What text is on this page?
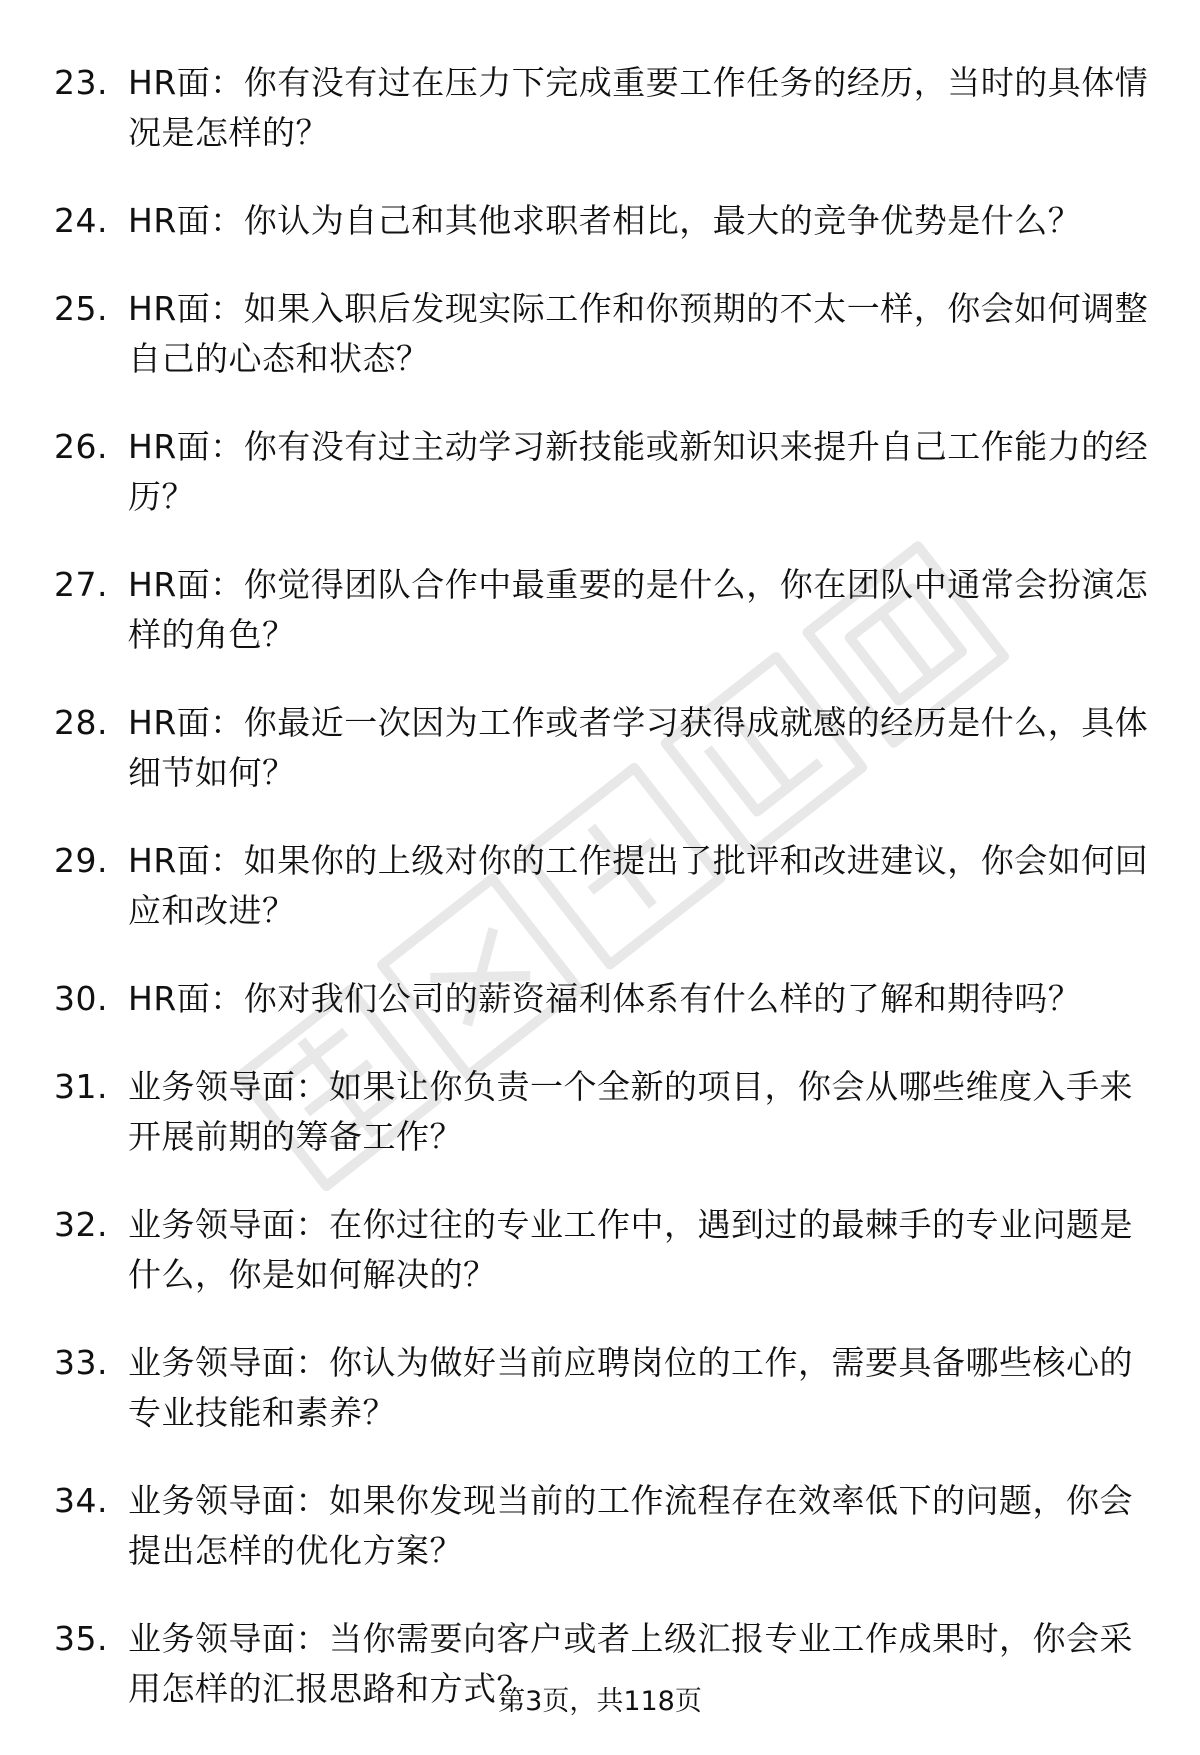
23. HR面：你有没有过在压力下完成重要工作任务的经历，当时的具体情况是怎样的？
24. HR面：你认为自己和其他求职者相比，最大的竞争优势是什么？
25. HR面：如果入职后发现实际工作和你预期的不太一样，你会如何调整自己的心态和状态？
26. HR面：你有没有过主动学习新技能或新知识来提升自己工作能力的经历？
27. HR面：你觉得团队合作中最重要的是什么，你在团队中通常会扮演怎样的角色？
28. HR面：你最近一次因为工作或者学习获得成就感的经历是什么，具体细节如何？
29. HR面：如果你的上级对你的工作提出了批评和改进建议，你会如何回应和改进？
30. HR面：你对我们公司的薪资福利体系有什么样的了解和期待吗？
31. 业务领导面：如果让你负责一个全新的项目，你会从哪些维度入手来开展前期的筹备工作？
32. 业务领导面：在你过往的专业工作中，遇到过的最棘手的专业问题是什么，你是如何解决的？
33. 业务领导面：你认为做好当前应聘岗位的工作，需要具备哪些核心的专业技能和素养？
34. 业务领导面：如果你发现当前的工作流程存在效率低下的问题，你会提出怎样的优化方案？
35. 业务领导面：当你需要向客户或者上级汇报专业工作成果时，你会采用怎样的汇报思路和方式？
第3页，共118页
